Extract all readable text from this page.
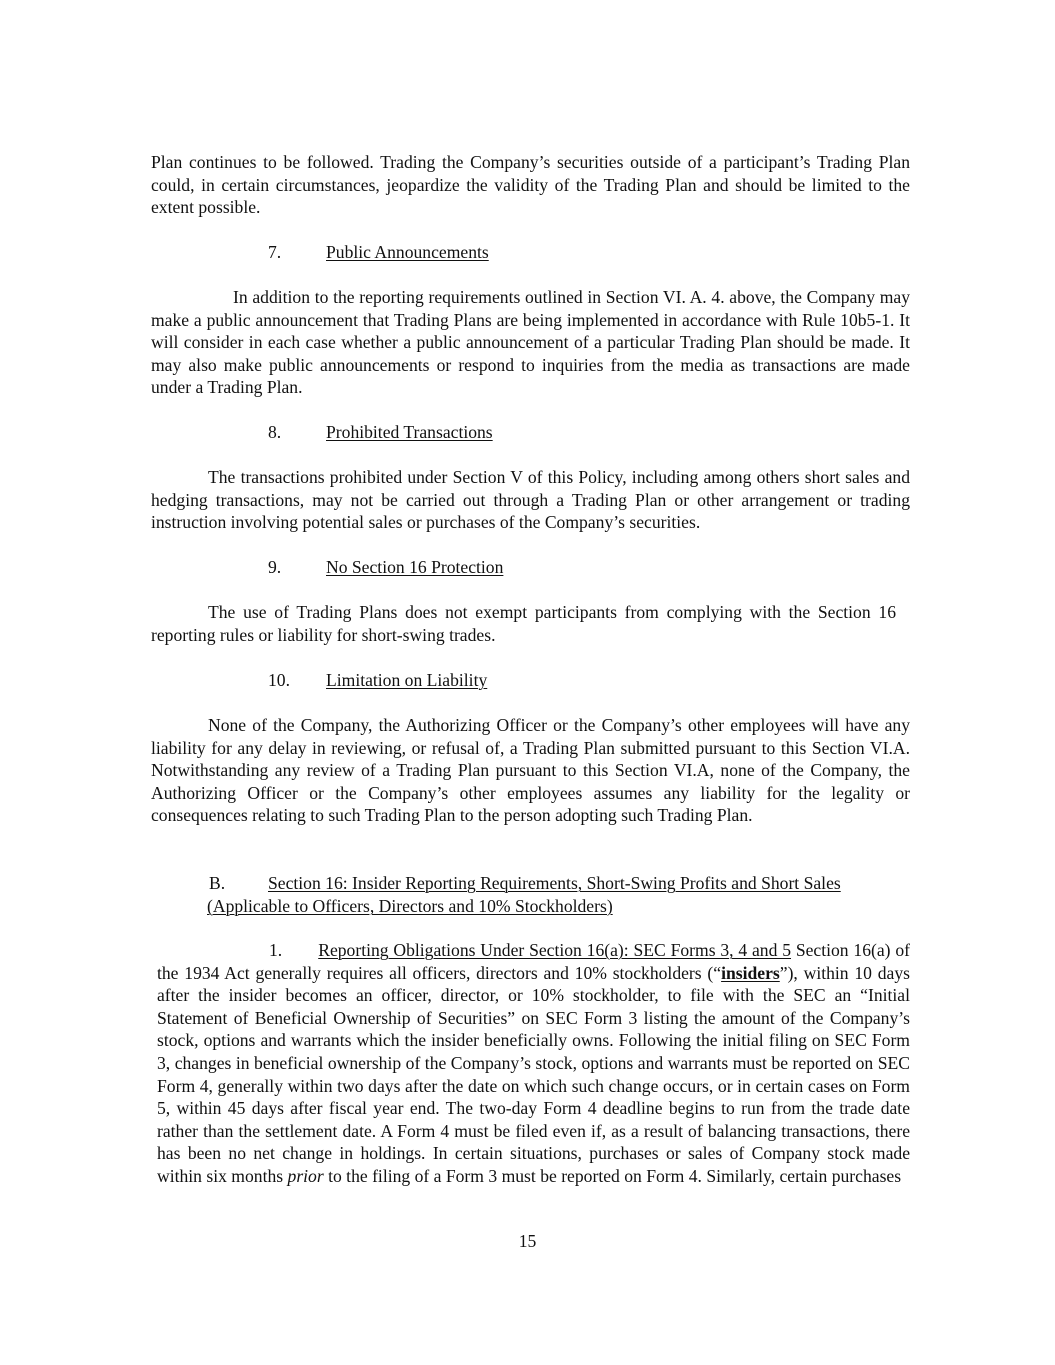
Plan continues to be followed. Trading the Company’s securities outside of a participant’s Trading Plan could, in certain circumstances, jeopardize the validity of the Trading Plan and should be limited to the extent possible.

7.	Public Announcements

In addition to the reporting requirements outlined in Section VI. A. 4. above, the Company may make a public announcement that Trading Plans are being implemented in accordance with Rule 10b5-1. It will consider in each case whether a public announcement of a particular Trading Plan should be made. It may also make public announcements or respond to inquiries from the media as transactions are made under a Trading Plan.

8.	Prohibited Transactions

The transactions prohibited under Section V of this Policy, including among others short sales and hedging transactions, may not be carried out through a Trading Plan or other arrangement or trading instruction involving potential sales or purchases of the Company’s securities.

9.	No Section 16 Protection

The use of Trading Plans does not exempt participants from complying with the Section 16 reporting rules or liability for short-swing trades.

10. Limitation on Liability

None of the Company, the Authorizing Officer or the Company’s other employees will have any liability for any delay in reviewing, or refusal of, a Trading Plan submitted pursuant to this Section VI.A. Notwithstanding any review of a Trading Plan pursuant to this Section VI.A, none of the Company, the Authorizing Officer or the Company’s other employees assumes any liability for the legality or consequences relating to such Trading Plan to the person adopting such Trading Plan.

B. Section 16: Insider Reporting Requirements, Short-Swing Profits and Short Sales
(Applicable to Officers, Directors and 10% Stockholders)

1. Reporting Obligations Under Section 16(a): SEC Forms 3, 4 and 5 Section 16(a) of the 1934 Act generally requires all officers, directors and 10% stockholders (“insiders”), within 10 days after the insider becomes an officer, director, or 10% stockholder, to file with the SEC an “Initial Statement of Beneficial Ownership of Securities” on SEC Form 3 listing the amount of the Company’s stock, options and warrants which the insider beneficially owns. Following the initial filing on SEC Form 3, changes in beneficial ownership of the Company’s stock, options and warrants must be reported on SEC Form 4, generally within two days after the date on which such change occurs, or in certain cases on Form 5, within 45 days after fiscal year end. The two-day Form 4 deadline begins to run from the trade date rather than the settlement date. A Form 4 must be filed even if, as a result of balancing transactions, there has been no net change in holdings. In certain situations, purchases or sales of Company stock made within six months prior to the filing of a Form 3 must be reported on Form 4. Similarly, certain purchases

15
